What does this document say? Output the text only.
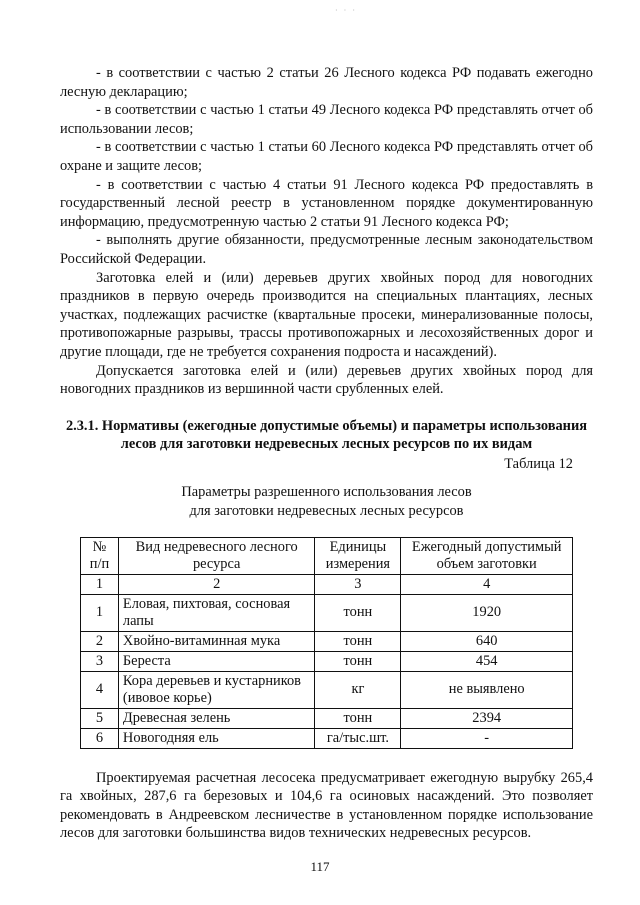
· · ·

- в соответствии с частью 2 статьи 26 Лесного кодекса РФ подавать ежегодно лесную декларацию;

- в соответствии с частью 1 статьи 49 Лесного кодекса РФ представлять отчет об использовании лесов;

- в соответствии с частью 1 статьи 60 Лесного кодекса РФ представлять отчет об охране и защите лесов;

- в соответствии с частью 4 статьи 91 Лесного кодекса РФ предоставлять в государственный лесной реестр в установленном порядке документированную информацию, предусмотренную частью 2 статьи 91 Лесного кодекса РФ;

- выполнять другие обязанности, предусмотренные лесным законодательством Российской Федерации.

Заготовка елей и (или) деревьев других хвойных пород для новогодних праздников в первую очередь производится на специальных плантациях, лесных участках, подлежащих расчистке (квартальные просеки, минерализованные полосы, противопожарные разрывы, трассы противопожарных и лесохозяйственных дорог и другие площади, где не требуется сохранения подроста и насаждений).

Допускается заготовка елей и (или) деревьев других хвойных пород для новогодних праздников из вершинной части срубленных елей.

2.3.1. Нормативы (ежегодные допустимые объемы) и параметры использования лесов для заготовки недревесных лесных ресурсов по их видам
Таблица 12
Параметры разрешенного использования лесов
для заготовки недревесных лесных ресурсов
№ п/п	Вид недревесного лесного ресурса	Единицы измерения	Ежегодный допустимый объем заготовки
1	2	3	4
1	Еловая, пихтовая, сосновая лапы	тонн	1920
2	Хвойно-витаминная мука	тонн	640
3	Береста	тонн	454
4	Кора деревьев и кустарников (ивовое корье)	кг	не выявлено
5	Древесная зелень	тонн	2394
6	Новогодняя ель	га/тыс.шт.	-

Проектируемая расчетная лесосека предусматривает ежегодную вырубку 265,4 га хвойных, 287,6 га березовых и 104,6 га осиновых насаждений. Это позволяет рекомендовать в Андреевском лесничестве в установленном порядке использование лесов для заготовки большинства видов технических недревесных ресурсов.

117
